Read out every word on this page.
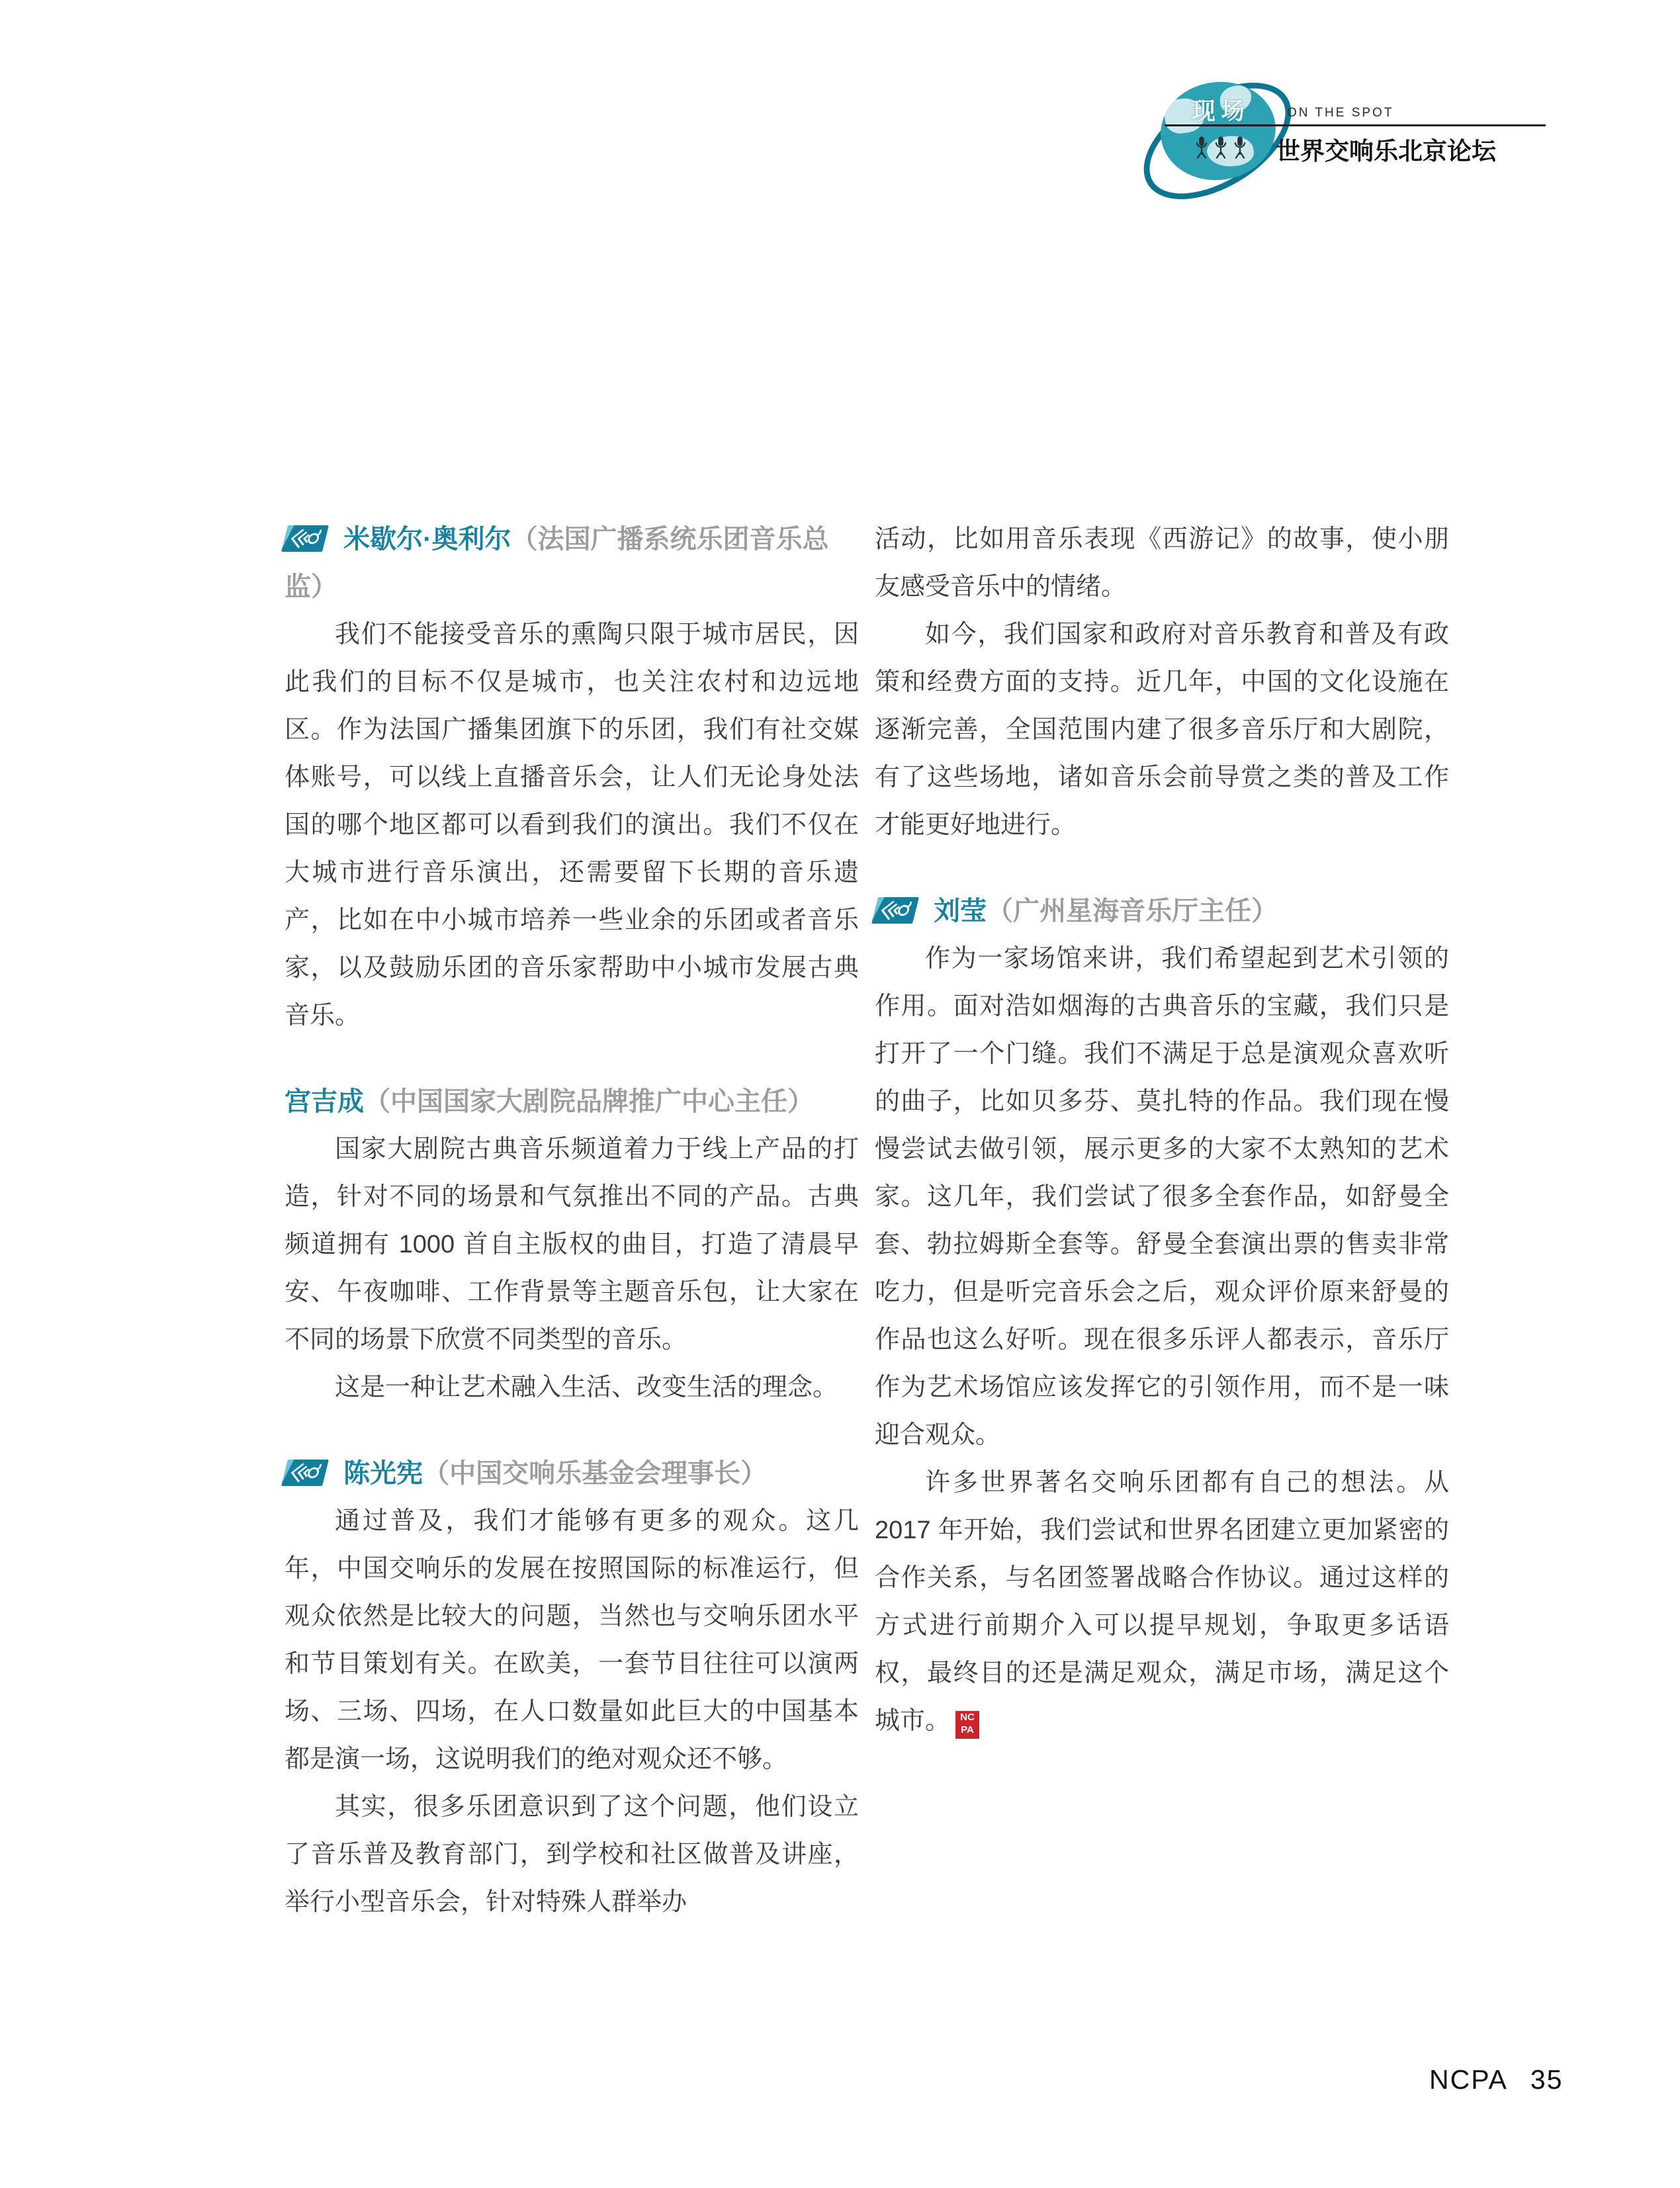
现场	ON THE SPOT
世界交响乐北京论坛
米歇尔·奥利尔（法国广播系统乐团音乐总监）
我们不能接受音乐的熏陶只限于城市居民，因此我们的目标不仅是城市，也关注农村和边远地区。作为法国广播集团旗下的乐团，我们有社交媒体账号，可以线上直播音乐会，让人们无论身处法国的哪个地区都可以看到我们的演出。我们不仅在大城市进行音乐演出，还需要留下长期的音乐遗产，比如在中小城市培养一些业余的乐团或者音乐家，以及鼓励乐团的音乐家帮助中小城市发展古典音乐。
宫吉成（中国国家大剧院品牌推广中心主任）
国家大剧院古典音乐频道着力于线上产品的打造，针对不同的场景和气氛推出不同的产品。古典频道拥有 1000 首自主版权的曲目，打造了清晨早安、午夜咖啡、工作背景等主题音乐包，让大家在不同的场景下欣赏不同类型的音乐。
这是一种让艺术融入生活、改变生活的理念。
陈光宪（中国交响乐基金会理事长）
通过普及，我们才能够有更多的观众。这几年，中国交响乐的发展在按照国际的标准运行，但观众依然是比较大的问题，当然也与交响乐团水平和节目策划有关。在欧美，一套节目往往可以演两场、三场、四场，在人口数量如此巨大的中国基本都是演一场，这说明我们的绝对观众还不够。
其实，很多乐团意识到了这个问题，他们设立了音乐普及教育部门，到学校和社区做普及讲座，举行小型音乐会，针对特殊人群举办
活动，比如用音乐表现《西游记》的故事，使小朋友感受音乐中的情绪。
如今，我们国家和政府对音乐教育和普及有政策和经费方面的支持。近几年，中国的文化设施在逐渐完善，全国范围内建了很多音乐厅和大剧院，有了这些场地，诸如音乐会前导赏之类的普及工作才能更好地进行。
刘莹（广州星海音乐厅主任）
作为一家场馆来讲，我们希望起到艺术引领的作用。面对浩如烟海的古典音乐的宝藏，我们只是打开了一个门缝。我们不满足于总是演观众喜欢听的曲子，比如贝多芬、莫扎特的作品。我们现在慢慢尝试去做引领，展示更多的大家不太熟知的艺术家。这几年，我们尝试了很多全套作品，如舒曼全套、勃拉姆斯全套等。舒曼全套演出票的售卖非常吃力，但是听完音乐会之后，观众评价原来舒曼的作品也这么好听。现在很多乐评人都表示，音乐厅作为艺术场馆应该发挥它的引领作用，而不是一味迎合观众。
许多世界著名交响乐团都有自己的想法。从 2017 年开始，我们尝试和世界名团建立更加紧密的合作关系，与名团签署战略合作协议。通过这样的方式进行前期介入可以提早规划，争取更多话语权，最终目的还是满足观众，满足市场，满足这个城市。	NC
PA
NCPA 35
